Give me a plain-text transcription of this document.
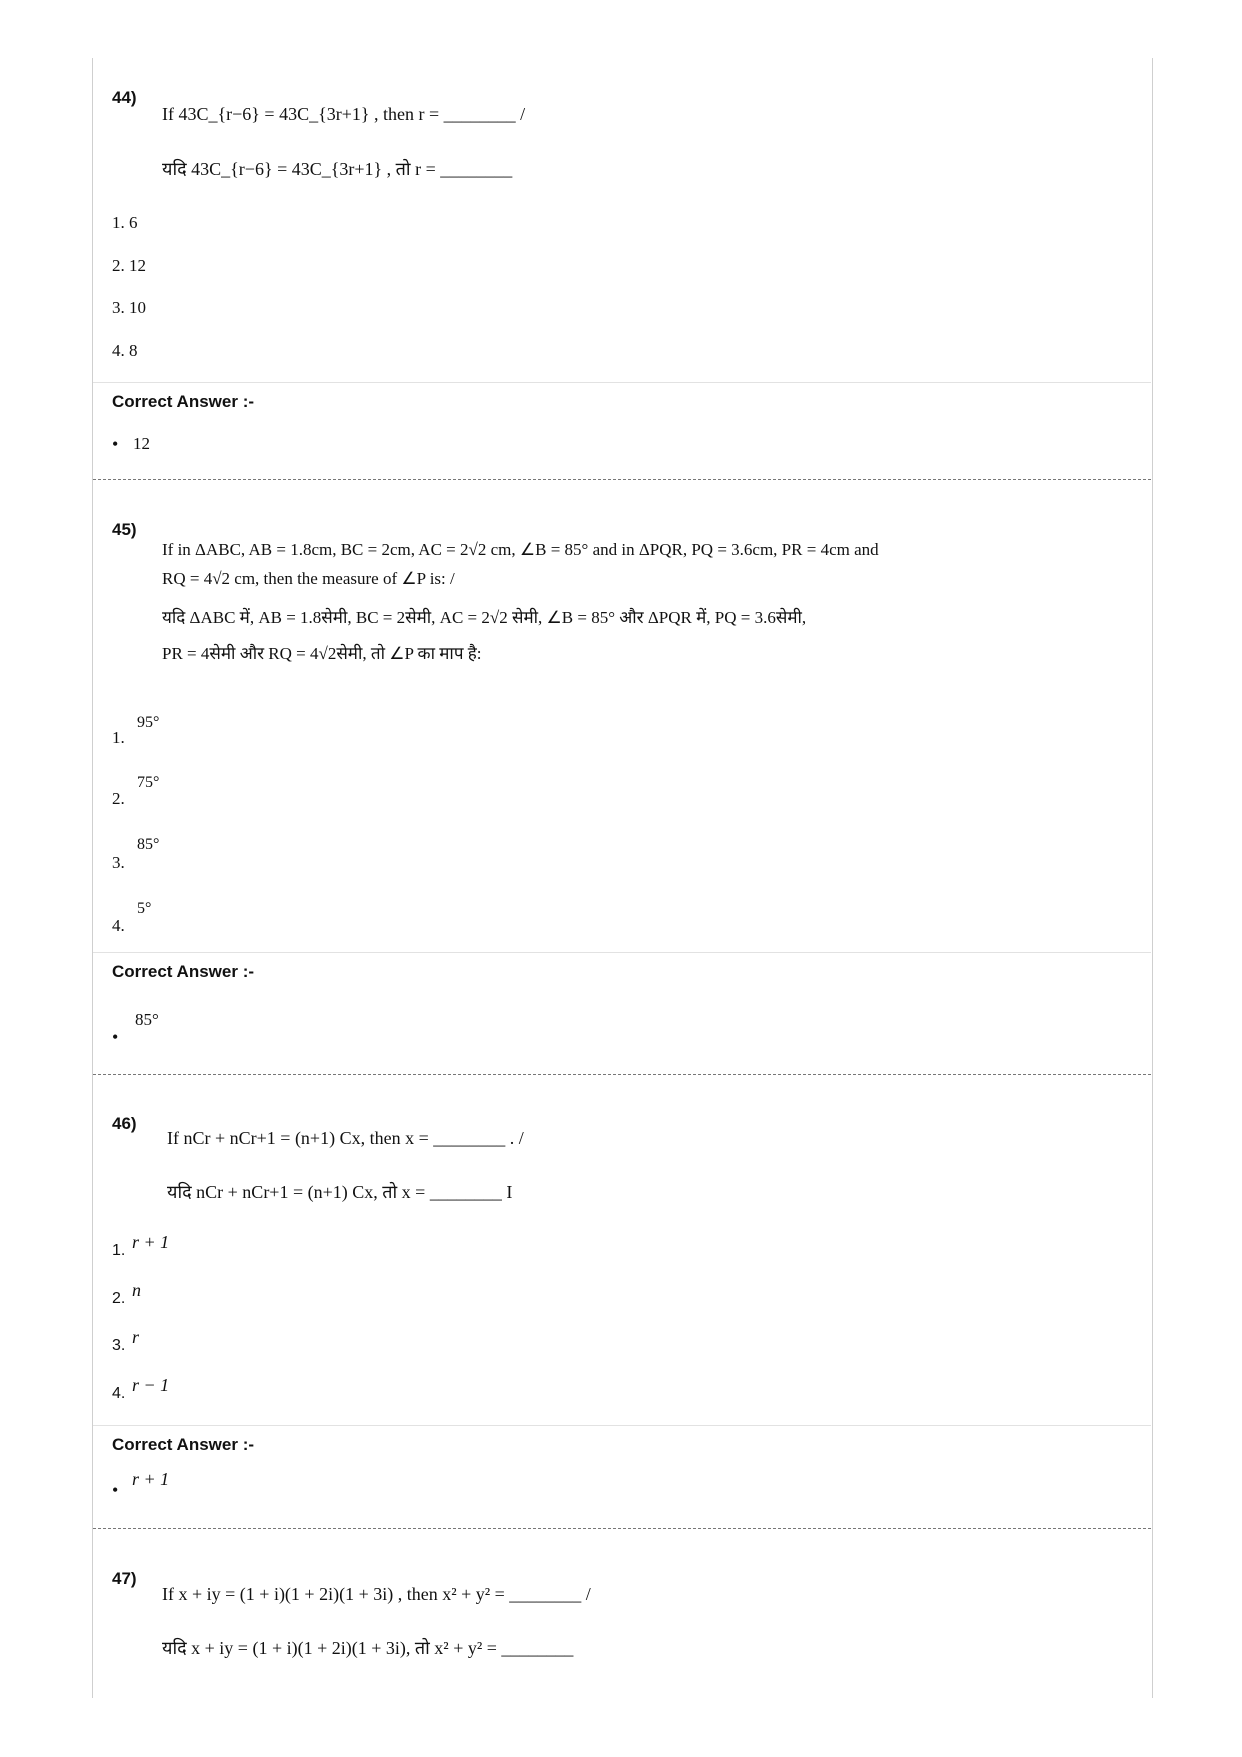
44)
If 43C_{r−6} = 43C_{3r+1} , then r = ________ /
यदि 43C_{r−6} = 43C_{3r+1} , तो r = ________
1. 6
2. 12
3. 10
4. 8
Correct Answer :-
• 12
45)
If in ΔABC, AB = 1.8cm, BC = 2cm, AC = 2√2 cm, ∠B = 85° and in ΔPQR, PQ = 3.6cm, PR = 4cm and
RQ = 4√2 cm, then the measure of ∠P is: /
यदि ΔABC में, AB = 1.8सेमी, BC = 2सेमी, AC = 2√2 सेमी, ∠B = 85° और ΔPQR में, PQ = 3.6सेमी,
PR = 4सेमी और RQ = 4√2सेमी, तो ∠P का माप है:
1.
95°
2.
75°
3.
85°
4.
5°
Correct Answer :-
•
85°
46)
If nCr + nCr+1 = (n+1) Cx, then x = ________ . /
यदि nCr + nCr+1 = (n+1) Cx, तो x = ________ I
1. r + 1
2. n
3. r
4. r − 1
Correct Answer :-
•
r + 1
47)
If x + iy = (1 + i)(1 + 2i)(1 + 3i) , then x² + y² = ________ /
यदि x + iy = (1 + i)(1 + 2i)(1 + 3i), तो x² + y² = ________
